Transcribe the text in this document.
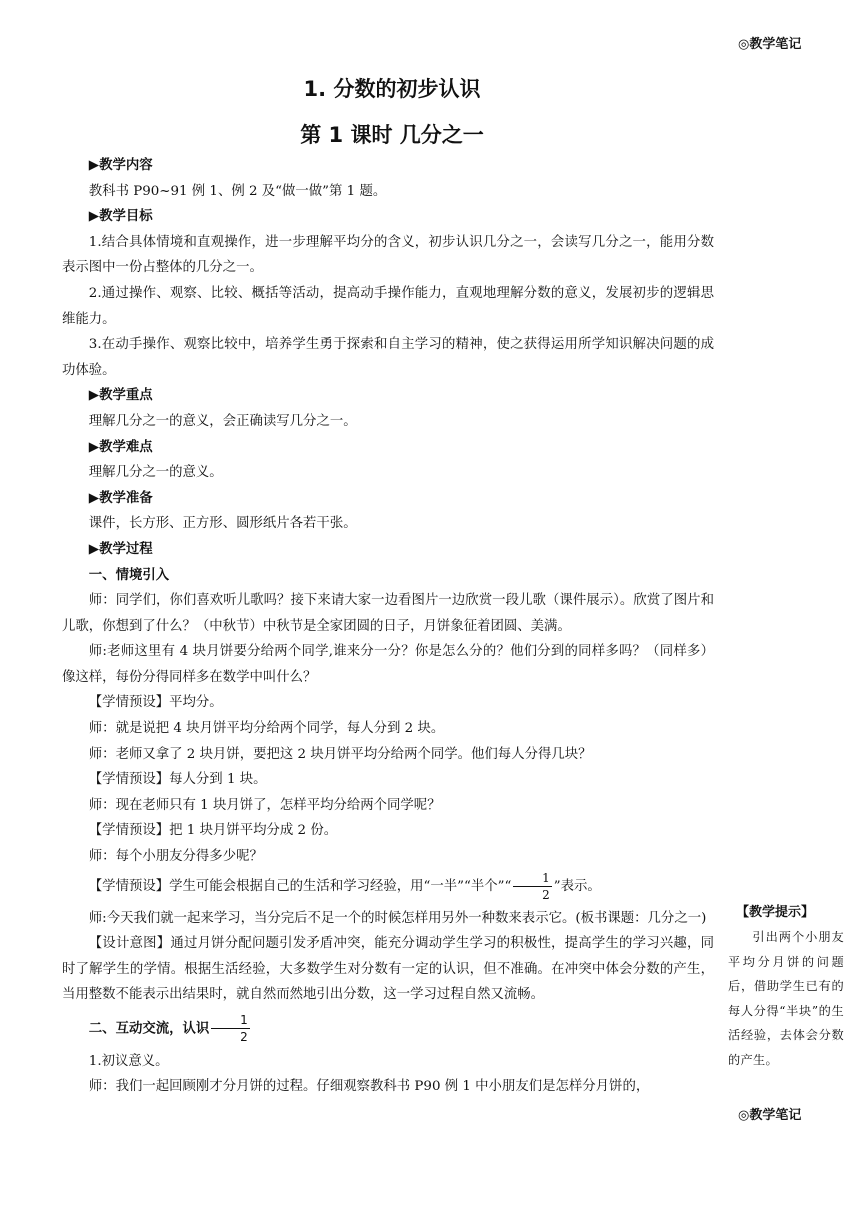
◎教学笔记
1. 分数的初步认识
第 1 课时 几分之一

▶教学内容

教科书 P90~91 例 1、例 2 及“做一做”第 1 题。

▶教学目标

1.结合具体情境和直观操作，进一步理解平均分的含义，初步认识几分之一，会读写几分之一，能用分数表示图中一份占整体的几分之一。

2.通过操作、观察、比较、概括等活动，提高动手操作能力，直观地理解分数的意义，发展初步的逻辑思维能力。

3.在动手操作、观察比较中，培养学生勇于探索和自主学习的精神，使之获得运用所学知识解决问题的成功体验。

▶教学重点

理解几分之一的意义，会正确读写几分之一。

▶教学难点

理解几分之一的意义。

▶教学准备

课件，长方形、正方形、圆形纸片各若干张。

▶教学过程

一、情境引入

师：同学们，你们喜欢听儿歌吗？接下来请大家一边看图片一边欣赏一段儿歌（课件展示）。欣赏了图片和儿歌，你想到了什么？（中秋节）中秋节是全家团圆的日子，月饼象征着团圆、美满。

师:老师这里有 4 块月饼要分给两个同学,谁来分一分？你是怎么分的？他们分到的同样多吗？（同样多）像这样，每份分得同样多在数学中叫什么？

【学情预设】平均分。

师：就是说把 4 块月饼平均分给两个同学，每人分到 2 块。

师：老师又拿了 2 块月饼，要把这 2 块月饼平均分给两个同学。他们每人分得几块？

【学情预设】每人分到 1 块。

师：现在老师只有 1 块月饼了，怎样平均分给两个同学呢？

【学情预设】把 1 块月饼平均分成 2 份。

师：每个小朋友分得多少呢？

【学情预设】学生可能会根据自己的生活和学习经验，用“一半”“半个”“ $\frac{1}{2}$ ”表示。

师:今天我们就一起来学习，当分完后不足一个的时候怎样用另外一种数来表示它。(板书课题：几分之一)

【设计意图】通过月饼分配问题引发矛盾冲突，能充分调动学生学习的积极性，提高学生的学习兴趣，同时了解学生的学情。根据生活经验，大多数学生对分数有一定的认识，但不准确。在冲突中体会分数的产生，当用整数不能表示出结果时，就自然而然地引出分数，这一学习过程自然又流畅。

二、互动交流，认识 $\frac{1}{2}$

1.初议意义。

师：我们一起回顾刚才分月饼的过程。仔细观察教科书 P90 例 1 中小朋友们是怎样分月饼的，

【教学提示】

引出两个小朋友平均分月饼的问题后，借助学生已有的每人分得“半块”的生活经验，去体会分数的产生。

◎教学笔记
